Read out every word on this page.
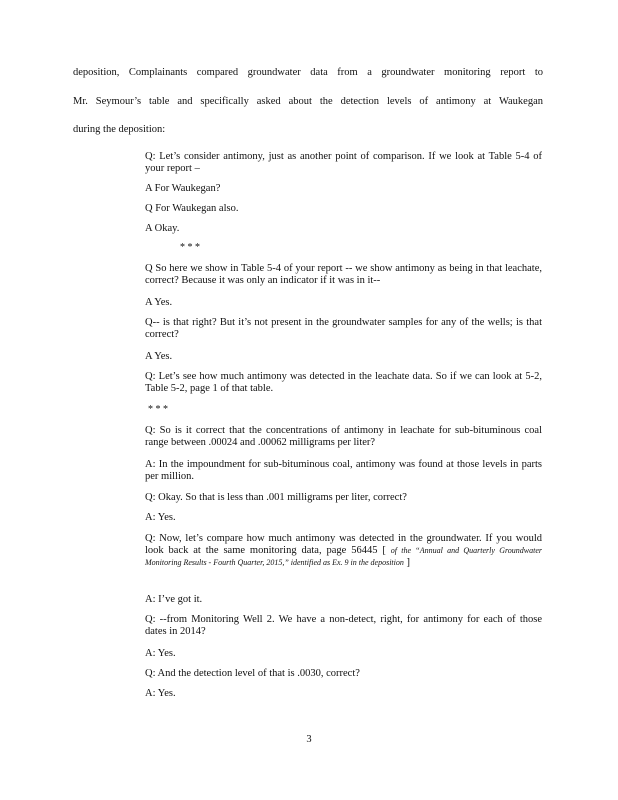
deposition, Complainants compared groundwater data from a groundwater monitoring report to
Mr. Seymour’s table and specifically asked about the detection levels of antimony at Waukegan
during the deposition:
Q: Let’s consider antimony, just as another point of comparison. If we look at Table 5-4 of your report –
A For Waukegan?
Q For Waukegan also.
A Okay.
* * *
Q So here we show in Table 5-4 of your report -- we show antimony as being in that leachate, correct? Because it was only an indicator if it was in it--
A Yes.
Q-- is that right? But it’s not present in the groundwater samples for any of the wells; is that correct?
A Yes.
Q: Let’s see how much antimony was detected in the leachate data. So if we can look at 5-2, Table 5-2, page 1 of that table.
* * *
Q: So is it correct that the concentrations of antimony in leachate for sub-bituminous coal range between .00024 and .00062 milligrams per liter?
A: In the impoundment for sub-bituminous coal, antimony was found at those levels in parts per million.
Q: Okay. So that is less than .001 milligrams per liter, correct?
A: Yes.
Q: Now, let’s compare how much antimony was detected in the groundwater. If you would look back at the same monitoring data, page 56445 [ of the “Annual and Quarterly Groundwater Monitoring Results - Fourth Quarter, 2015,” identified as Ex. 9 in the deposition ]
A: I’ve got it.
Q: --from Monitoring Well 2. We have a non-detect, right, for antimony for each of those dates in 2014?
A: Yes.
Q: And the detection level of that is .0030, correct?
A: Yes.
3
